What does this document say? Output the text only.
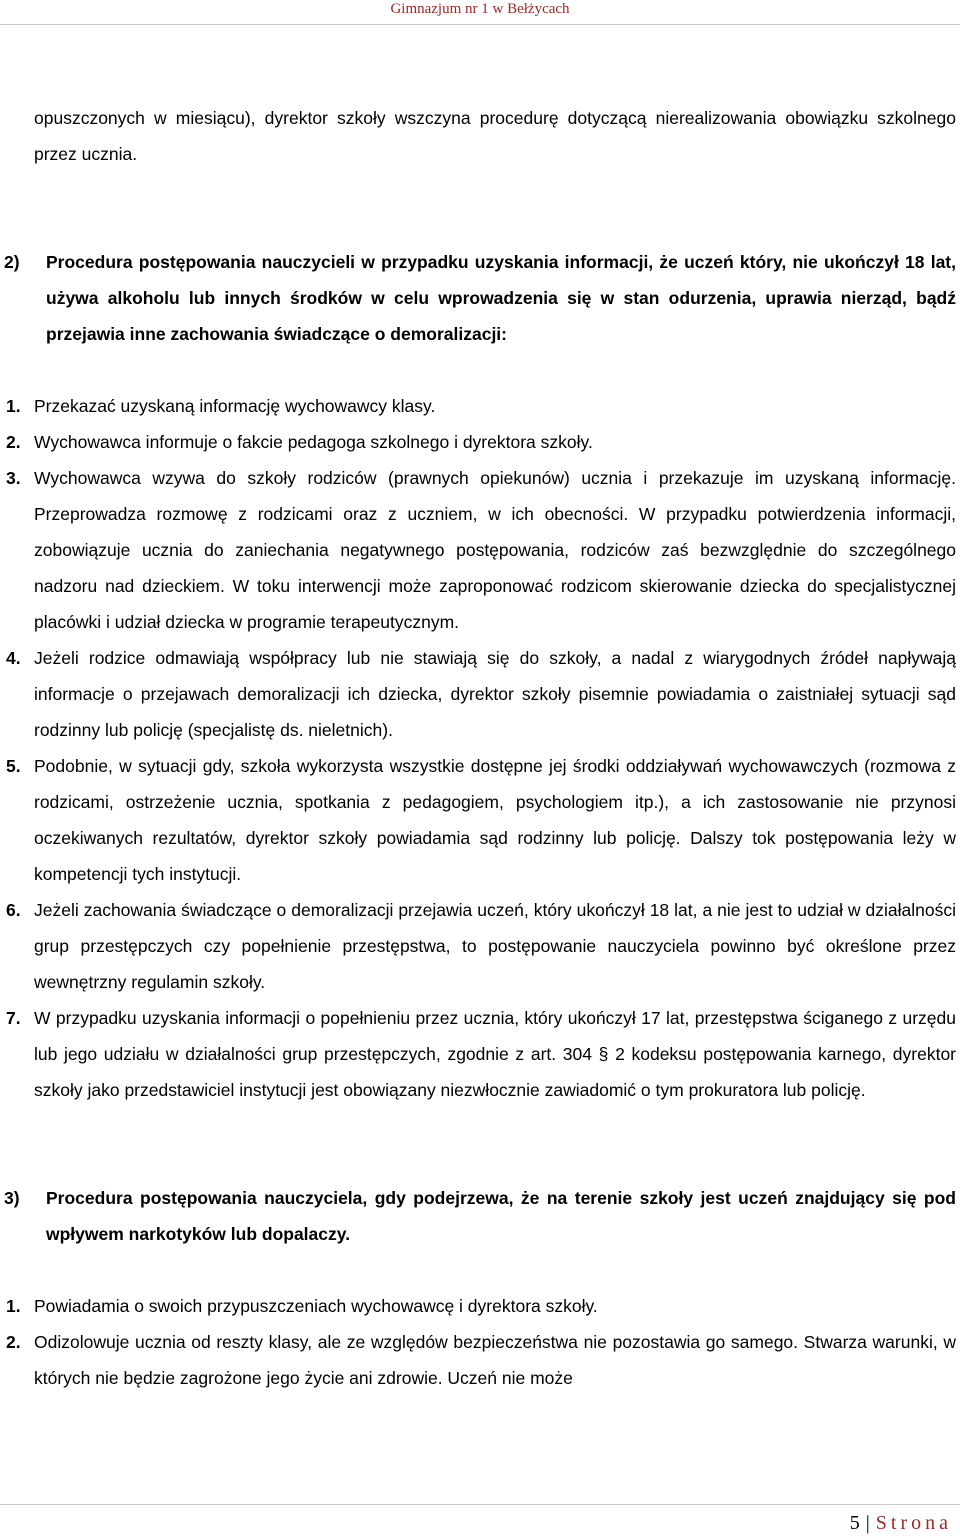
Gimnazjum nr 1 w Bełżycach

opuszczonych w miesiącu), dyrektor szkoły wszczyna procedurę dotyczącą nierealizowania obowiązku szkolnego przez ucznia.

2)	Procedura postępowania nauczycieli w przypadku uzyskania informacji, że uczeń który, nie ukończył 18 lat, używa alkoholu lub innych środków w celu wprowadzenia się w stan odurzenia, uprawia nierząd, bądź przejawia inne zachowania świadczące o demoralizacji:
1. Przekazać uzyskaną informację wychowawcy klasy.
2. Wychowawca informuje o fakcie pedagoga szkolnego i dyrektora szkoły.
3. Wychowawca wzywa do szkoły rodziców (prawnych opiekunów) ucznia i przekazuje im uzyskaną informację. Przeprowadza rozmowę z rodzicami oraz z uczniem, w ich obecności. W przypadku potwierdzenia informacji, zobowiązuje ucznia do zaniechania negatywnego postępowania, rodziców zaś bezwzględnie do szczególnego nadzoru nad dzieckiem. W toku interwencji może zaproponować rodzicom skierowanie dziecka do specjalistycznej placówki i udział dziecka w programie terapeutycznym.
4. Jeżeli rodzice odmawiają współpracy lub nie stawiają się do szkoły, a nadal z wiarygodnych źródeł napływają informacje o przejawach demoralizacji ich dziecka, dyrektor szkoły pisemnie powiadamia o zaistniałej sytuacji sąd rodzinny lub policję (specjalistę ds. nieletnich).
5. Podobnie, w sytuacji gdy, szkoła wykorzysta wszystkie dostępne jej środki oddziaływań wychowawczych (rozmowa z rodzicami, ostrzeżenie ucznia, spotkania z pedagogiem, psychologiem itp.), a ich zastosowanie nie przynosi oczekiwanych rezultatów, dyrektor szkoły powiadamia sąd rodzinny lub policję. Dalszy tok postępowania leży w kompetencji tych instytucji.
6. Jeżeli zachowania świadczące o demoralizacji przejawia uczeń, który ukończył 18 lat, a nie jest to udział w działalności grup przestępczych czy popełnienie przestępstwa, to postępowanie nauczyciela powinno być określone przez wewnętrzny regulamin szkoły.
7. W przypadku uzyskania informacji o popełnieniu przez ucznia, który ukończył 17 lat, przestępstwa ściganego z urzędu lub jego udziału w działalności grup przestępczych, zgodnie z art. 304 § 2 kodeksu postępowania karnego, dyrektor szkoły jako przedstawiciel instytucji jest obowiązany niezwłocznie zawiadomić o tym prokuratora lub policję.
3)	Procedura postępowania nauczyciela, gdy podejrzewa, że na terenie szkoły jest uczeń znajdujący się pod wpływem narkotyków lub dopalaczy.
1. Powiadamia o swoich przypuszczeniach wychowawcę i dyrektora szkoły.
2. Odizolowuje ucznia od reszty klasy, ale ze względów bezpieczeństwa nie pozostawia go samego. Stwarza warunki, w których nie będzie zagrożone jego życie ani zdrowie. Uczeń nie może
5 | Strona
